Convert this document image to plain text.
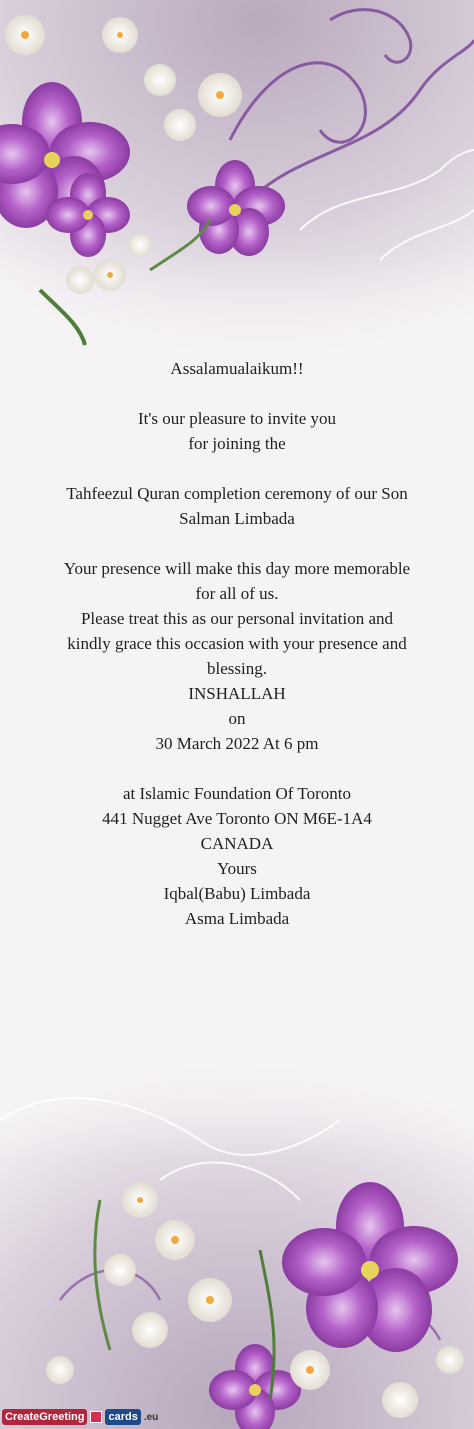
Assalamualaikum!!
It's our pleasure to invite you
for joining the
Tahfeezul Quran completion ceremony of our Son
Salman Limbada
Your presence will make this day more memorable
for all of us.
Please treat this as our personal invitation and
kindly grace this occasion with your presence and
blessing.
INSHALLAH
on
30 March 2022 At 6 pm
at Islamic Foundation Of Toronto
441 Nugget Ave Toronto ON M6E-1A4
CANADA
Yours
Iqbal(Babu) Limbada
Asma Limbada
CreateGreeting cards .eu
